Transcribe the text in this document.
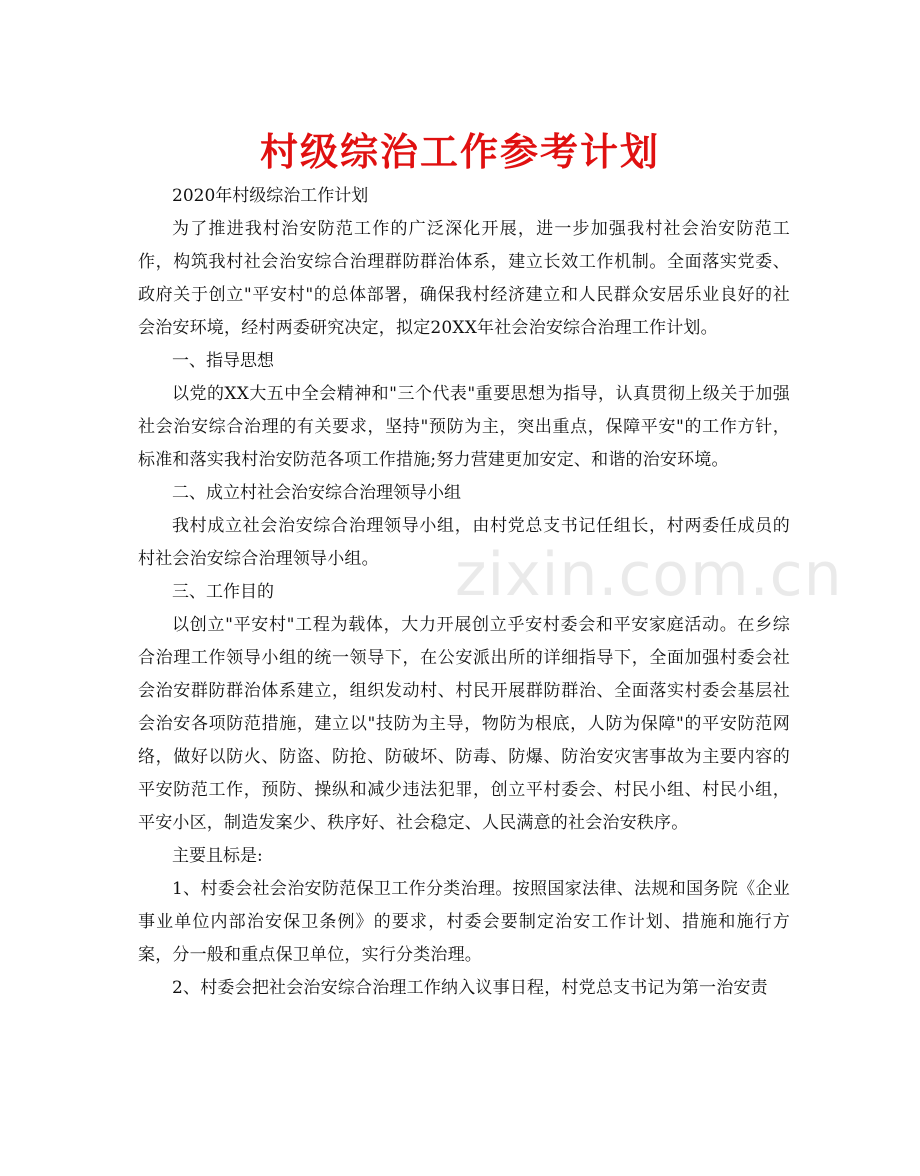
村级综治工作参考计划

2020年村级综治工作计划

为了推进我村治安防范工作的广泛深化开展，进一步加强我村社会治安防范工作，构筑我村社会治安综合治理群防群治体系，建立长效工作机制。全面落实党委、政府关于创立"平安村"的总体部署，确保我村经济建立和人民群众安居乐业良好的社会治安环境，经村两委研究决定，拟定20XX年社会治安综合治理工作计划。

一、指导思想

以党的XX大五中全会精神和"三个代表"重要思想为指导，认真贯彻上级关于加强社会治安综合治理的有关要求，坚持"预防为主，突出重点，保障平安"的工作方针，标准和落实我村治安防范各项工作措施;努力营建更加安定、和谐的治安环境。

二、成立村社会治安综合治理领导小组

我村成立社会治安综合治理领导小组，由村党总支书记任组长，村两委任成员的村社会治安综合治理领导小组。

三、工作目的

以创立"平安村"工程为载体，大力开展创立乎安村委会和平安家庭活动。在乡综合治理工作领导小组的统一领导下，在公安派出所的详细指导下，全面加强村委会社会治安群防群治体系建立，组织发动村、村民开展群防群治、全面落实村委会基层社会治安各项防范措施，建立以"技防为主导，物防为根底，人防为保障"的平安防范网络，做好以防火、防盗、防抢、防破坏、防毒、防爆、防治安灾害事故为主要内容的平安防范工作，预防、操纵和减少违法犯罪，创立平村委会、村民小组、村民小组，平安小区，制造发案少、秩序好、社会稳定、人民满意的社会治安秩序。

主要且标是:

1、村委会社会治安防范保卫工作分类治理。按照国家法律、法规和国务院《企业事业单位内部治安保卫条例》的要求，村委会要制定治安工作计划、措施和施行方案，分一般和重点保卫单位，实行分类治理。

2、村委会把社会治安综合治理工作纳入议事日程，村党总支书记为第一治安责

zixin.com.cn
